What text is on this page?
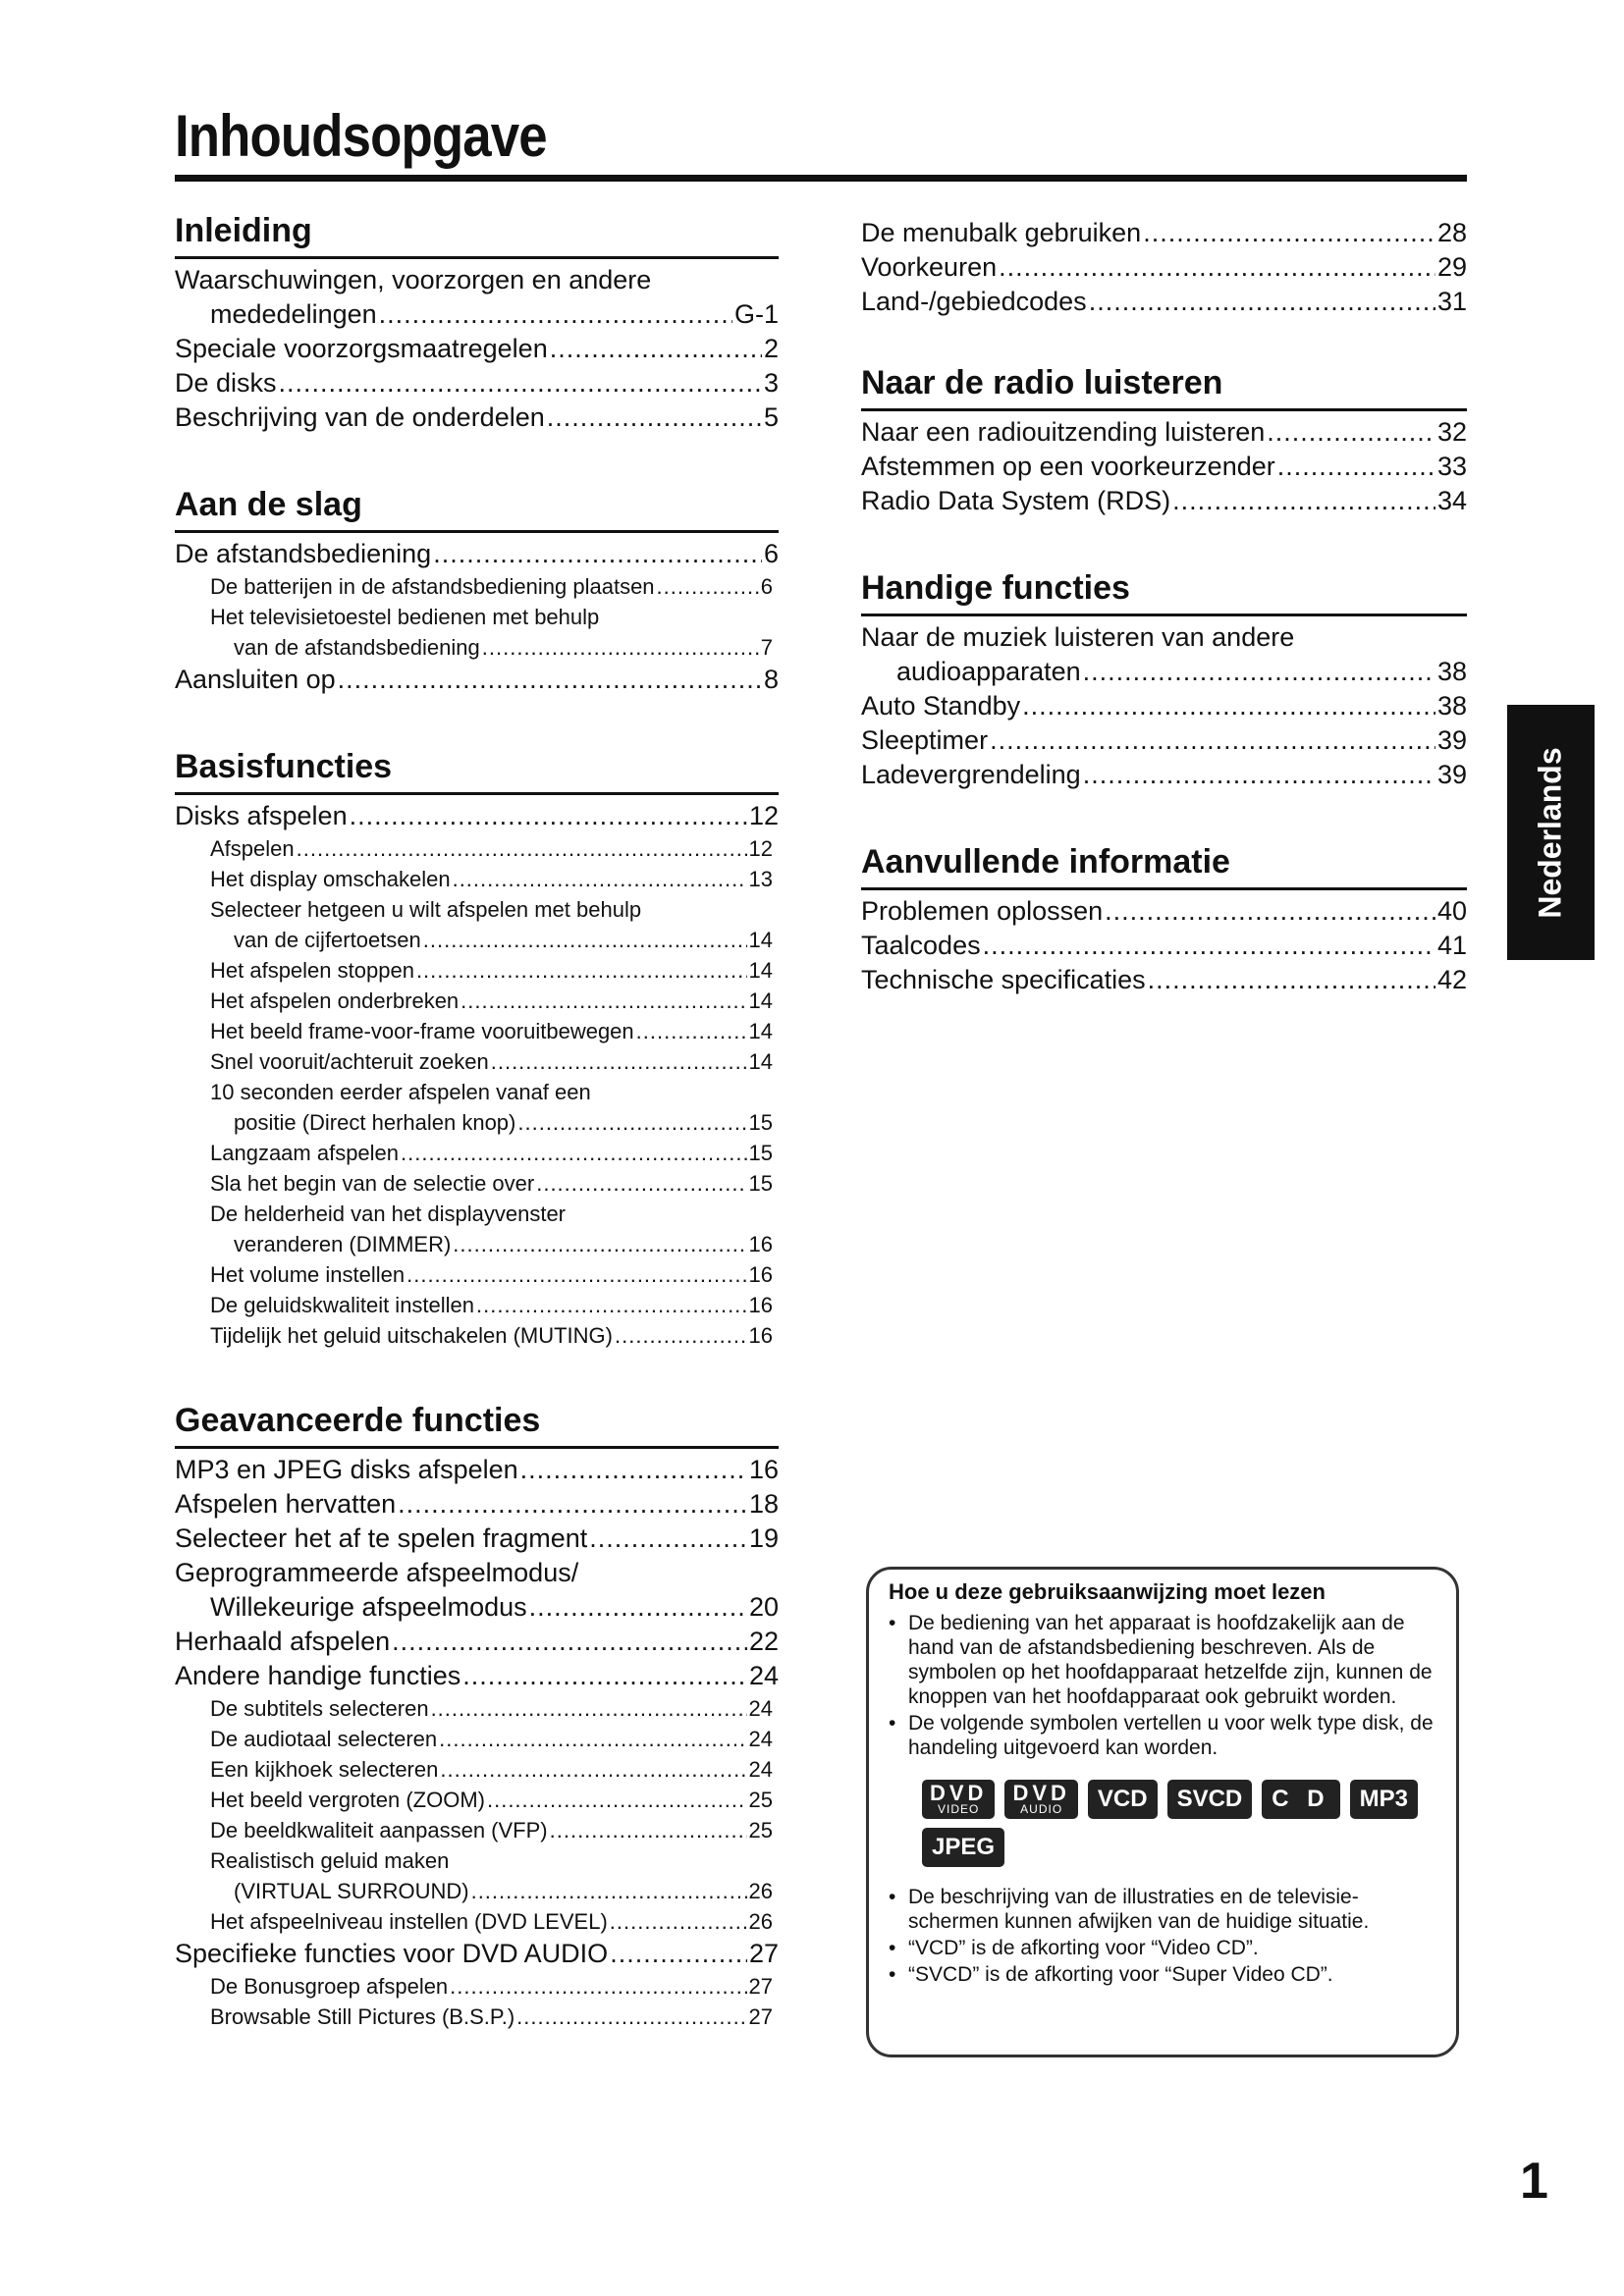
Inhoudsopgave
Inleiding
Waarschuwingen, voorzorgen en andere
mededelingen .....	G-1
Speciale voorzorgsmaatregelen .....	2
De disks .....	3
Beschrijving van de onderdelen .....	5
Aan de slag
De afstandsbediening .....	6
De batterijen in de afstandsbediening plaatsen .....	6
Het televisietoestel bedienen met behulp
van de afstandsbediening .....	7
Aansluiten op .....	8
Basisfuncties
Disks afspelen .....	12
Afspelen .....	12
Het display omschakelen .....	13
Selecteer hetgeen u wilt afspelen met behulp
van de cijfertoetsen .....	14
Het afspelen stoppen .....	14
Het afspelen onderbreken .....	14
Het beeld frame-voor-frame vooruitbewegen .....	14
Snel vooruit/achteruit zoeken .....	14
10 seconden eerder afspelen vanaf een
positie (Direct herhalen knop) .....	15
Langzaam afspelen .....	15
Sla het begin van de selectie over .....	15
De helderheid van het displayvenster
veranderen (DIMMER) .....	16
Het volume instellen .....	16
De geluidskwaliteit instellen .....	16
Tijdelijk het geluid uitschakelen (MUTING) .....	16
Geavanceerde functies
MP3 en JPEG disks afspelen .....	16
Afspelen hervatten .....	18
Selecteer het af te spelen fragment .....	19
Geprogrammeerde afspeelmodus/
Willekeurige afspeelmodus .....	20
Herhaald afspelen .....	22
Andere handige functies .....	24
De subtitels selecteren .....	24
De audiotaal selecteren .....	24
Een kijkhoek selecteren .....	24
Het beeld vergroten (ZOOM) .....	25
De beeldkwaliteit aanpassen (VFP) .....	25
Realistisch geluid maken
(VIRTUAL SURROUND) .....	26
Het afspeelniveau instellen (DVD LEVEL) .....	26
Specifieke functies voor DVD AUDIO .....	27
De Bonusgroep afspelen .....	27
Browsable Still Pictures (B.S.P.) .....	27
De menubalk gebruiken .....	28
Voorkeuren .....	29
Land-/gebiedcodes .....	31
Naar de radio luisteren
Naar een radiouitzending luisteren .....	32
Afstemmen op een voorkeurzender .....	33
Radio Data System (RDS) .....	34
Handige functies
Naar de muziek luisteren van andere
audioapparaten .....	38
Auto Standby .....	38
Sleeptimer .....	39
Ladevergrendeling .....	39
Aanvullende informatie
Problemen oplossen .....	40
Taalcodes .....	41
Technische specificaties .....	42
Nederlands
Hoe u deze gebruiksaanwijzing moet lezen
• De bediening van het apparaat is hoofdzakelijk aan de hand van de afstandsbediening beschreven. Als de symbolen op het hoofdapparaat hetzelfde zijn, kunnen de knoppen van het hoofdapparaat ook gebruikt worden.
• De volgende symbolen vertellen u voor welk type disk, de handeling uitgevoerd kan worden.
DVD
VIDEO
DVD
AUDIO	VCD	SVCD	C D	MP3
JPEG
• De beschrijving van de illustraties en de televisie-schermen kunnen afwijken van de huidige situatie.
• “VCD” is de afkorting voor “Video CD”.
• “SVCD” is de afkorting voor “Super Video CD”.
1
